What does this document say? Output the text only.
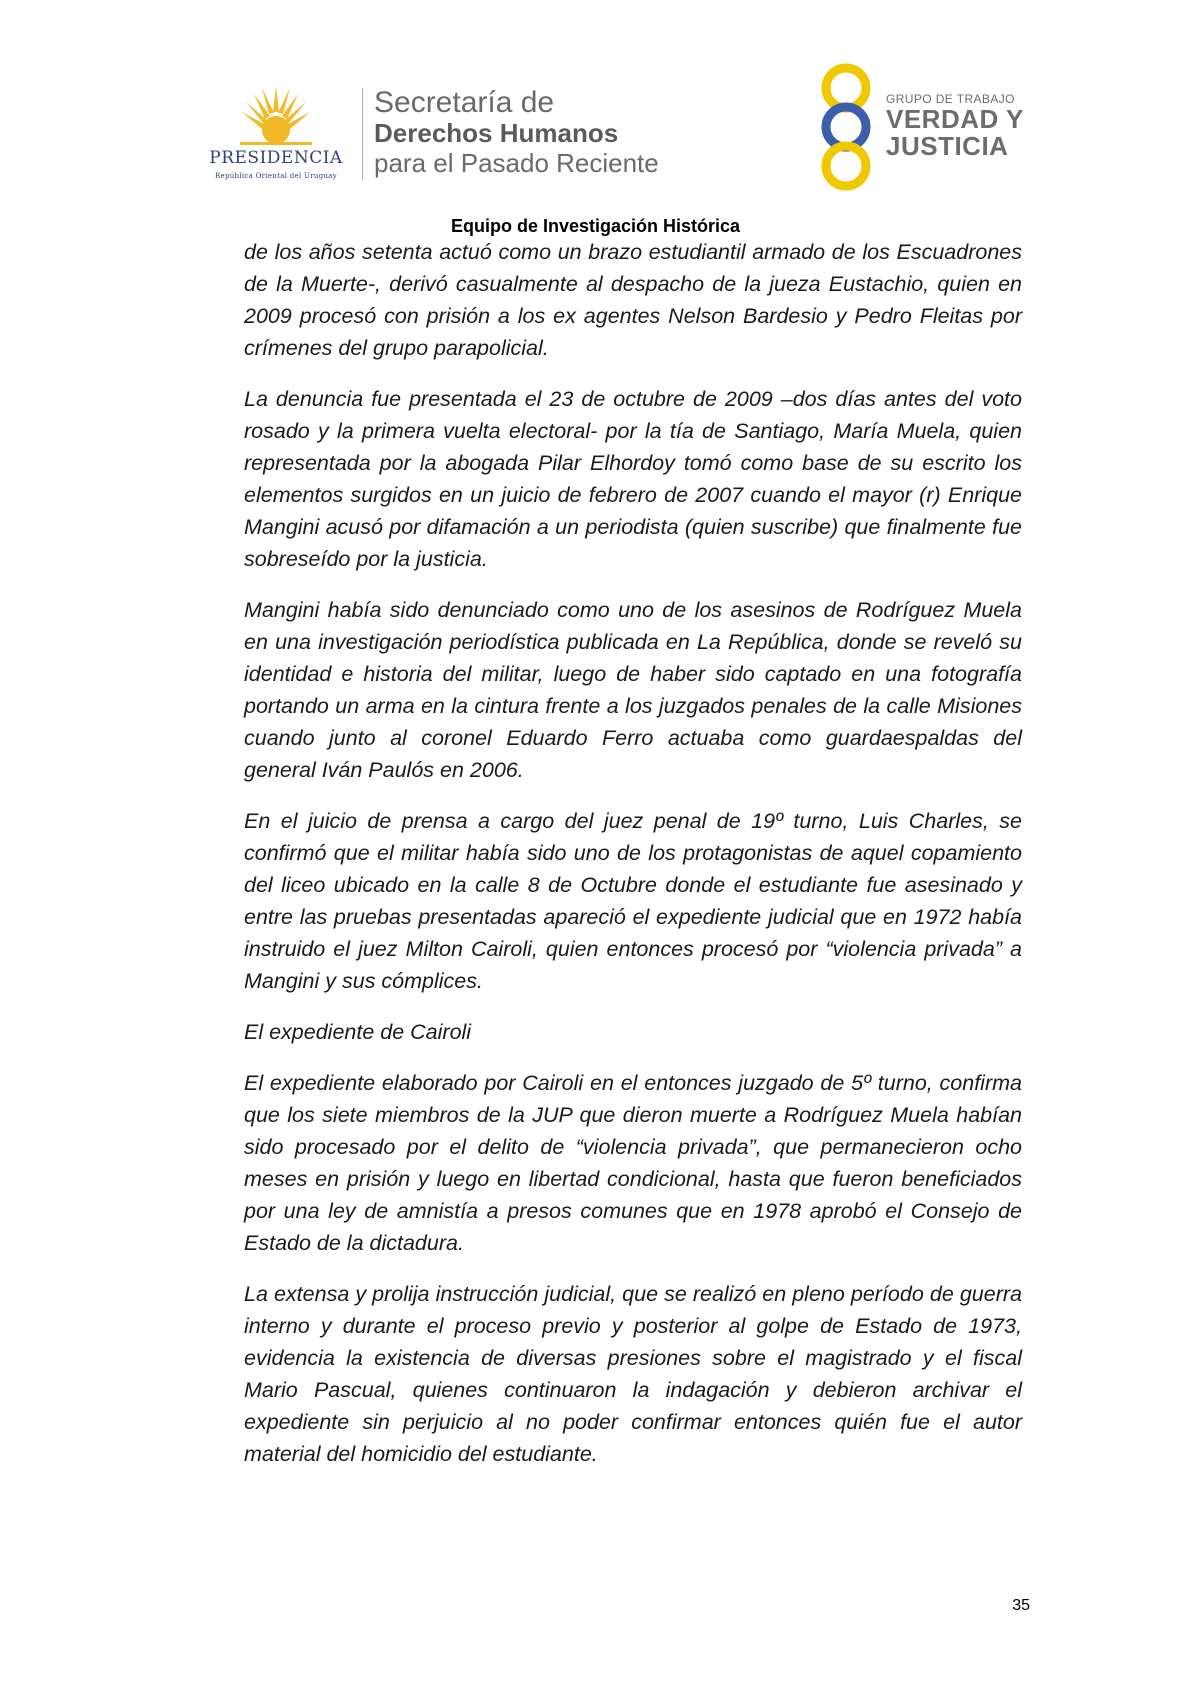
PRESIDENCIA
República Oriental del Uruguay
Secretaría de
Derechos Humanos
para el Pasado Reciente
GRUPO DE TRABAJO
VERDAD Y
JUSTICIA
Equipo de Investigación Histórica

de los años setenta actuó como un brazo estudiantil armado de los Escuadrones de la Muerte-, derivó casualmente al despacho de la jueza Eustachio, quien en 2009 procesó con prisión a los ex agentes Nelson Bardesio y Pedro Fleitas por crímenes del grupo parapolicial.

La denuncia fue presentada el 23 de octubre de 2009 –dos días antes del voto rosado y la primera vuelta electoral- por la tía de Santiago, María Muela, quien representada por la abogada Pilar Elhordoy tomó como base de su escrito los elementos surgidos en un juicio de febrero de 2007 cuando el mayor (r) Enrique Mangini acusó por difamación a un periodista (quien suscribe) que finalmente fue sobreseído por la justicia.

Mangini había sido denunciado como uno de los asesinos de Rodríguez Muela en una investigación periodística publicada en La República, donde se reveló su identidad e historia del militar, luego de haber sido captado en una fotografía portando un arma en la cintura frente a los juzgados penales de la calle Misiones cuando junto al coronel Eduardo Ferro actuaba como guardaespaldas del general Iván Paulós en 2006.

En el juicio de prensa a cargo del juez penal de 19º turno, Luis Charles, se confirmó que el militar había sido uno de los protagonistas de aquel copamiento del liceo ubicado en la calle 8 de Octubre donde el estudiante fue asesinado y entre las pruebas presentadas apareció el expediente judicial que en 1972 había instruido el juez Milton Cairoli, quien entonces procesó por “violencia privada” a Mangini y sus cómplices.

El expediente de Cairoli

El expediente elaborado por Cairoli en el entonces juzgado de 5º turno, confirma que los siete miembros de la JUP que dieron muerte a Rodríguez Muela habían sido procesado por el delito de “violencia privada”, que permanecieron ocho meses en prisión y luego en libertad condicional, hasta que fueron beneficiados por una ley de amnistía a presos comunes que en 1978 aprobó el Consejo de Estado de la dictadura.

La extensa y prolija instrucción judicial, que se realizó en pleno período de guerra interno y durante el proceso previo y posterior al golpe de Estado de 1973, evidencia la existencia de diversas presiones sobre el magistrado y el fiscal Mario Pascual, quienes continuaron la indagación y debieron archivar el expediente sin perjuicio al no poder confirmar entonces quién fue el autor material del homicidio del estudiante.

35
